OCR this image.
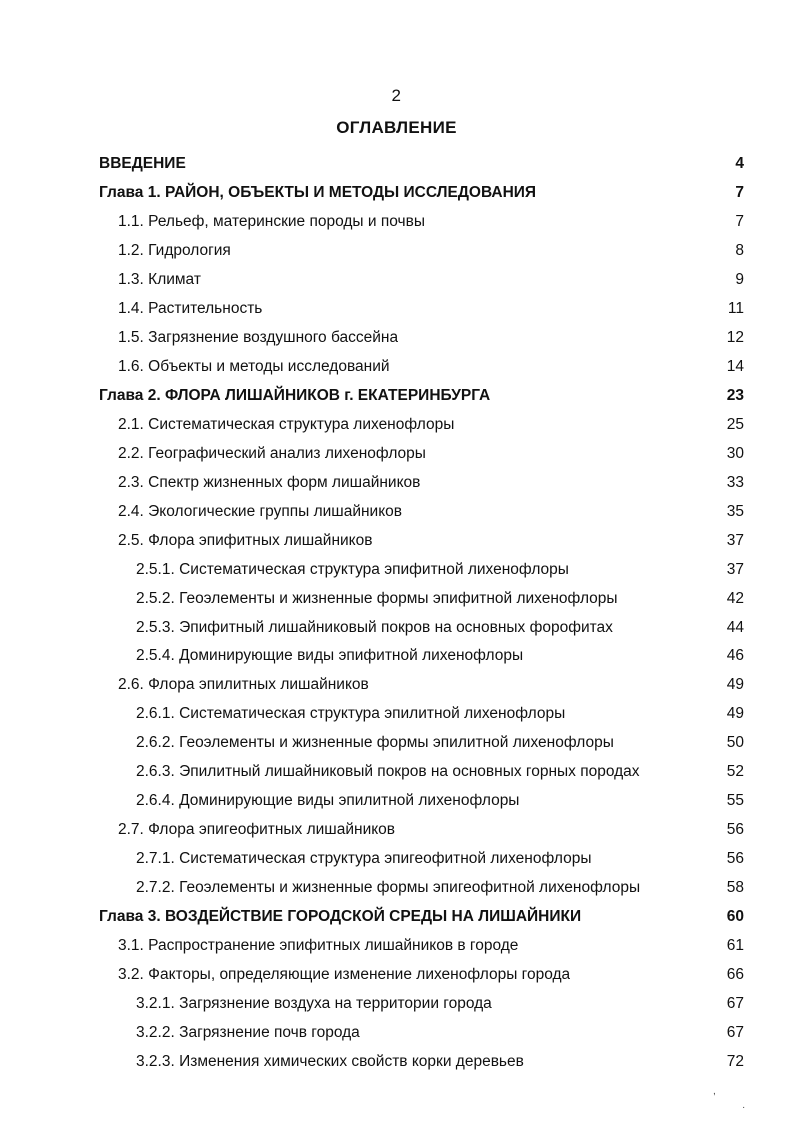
2
ОГЛАВЛЕНИЕ
ВВЕДЕНИЕ	4
Глава 1. РАЙОН, ОБЪЕКТЫ И МЕТОДЫ ИССЛЕДОВАНИЯ	7
1.1. Рельеф, материнские породы и почвы	7
1.2. Гидрология	8
1.3. Климат	9
1.4. Растительность	11
1.5. Загрязнение воздушного бассейна	12
1.6. Объекты и методы исследований	14
Глава 2. ФЛОРА ЛИШАЙНИКОВ г. ЕКАТЕРИНБУРГА	23
2.1. Систематическая структура лихенофлоры	25
2.2. Географический анализ лихенофлоры	30
2.3. Спектр жизненных форм лишайников	33
2.4. Экологические группы лишайников	35
2.5. Флора эпифитных лишайников	37
2.5.1. Систематическая структура эпифитной лихенофлоры	37
2.5.2. Геоэлементы и жизненные формы эпифитной лихенофлоры	42
2.5.3. Эпифитный лишайниковый покров на основных форофитах	44
2.5.4. Доминирующие виды эпифитной лихенофлоры	46
2.6. Флора эпилитных лишайников	49
2.6.1. Систематическая структура эпилитной лихенофлоры	49
2.6.2. Геоэлементы и жизненные формы эпилитной лихенофлоры	50
2.6.3. Эпилитный лишайниковый покров на основных горных породах	52
2.6.4. Доминирующие виды эпилитной лихенофлоры	55
2.7. Флора эпигеофитных лишайников	56
2.7.1. Систематическая структура эпигеофитной лихенофлоры	56
2.7.2. Геоэлементы и жизненные формы эпигеофитной лихенофлоры	58
Глава 3. ВОЗДЕЙСТВИЕ ГОРОДСКОЙ СРЕДЫ НА ЛИШАЙНИКИ	60
3.1. Распространение эпифитных лишайников в городе	61
3.2. Факторы, определяющие изменение лихенофлоры города	66
3.2.1. Загрязнение воздуха на территории города	67
3.2.2. Загрязнение почв города	67
3.2.3. Изменения химических свойств корки деревьев	72
,
·
